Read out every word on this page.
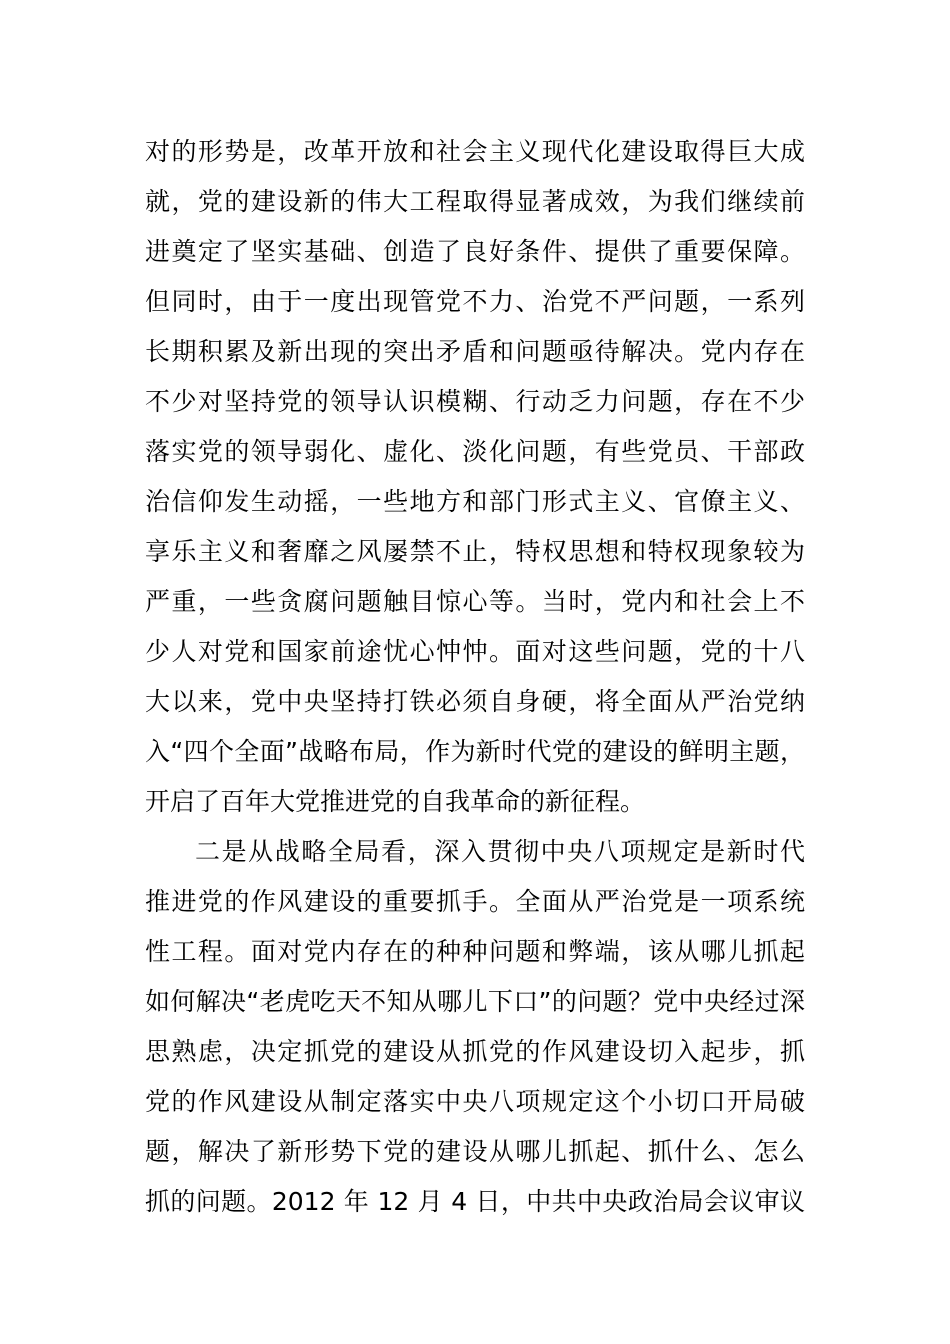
对的形势是，改革开放和社会主义现代化建设取得巨大成
就，党的建设新的伟大工程取得显著成效，为我们继续前
进奠定了坚实基础、创造了良好条件、提供了重要保障。
但同时，由于一度出现管党不力、治党不严问题，一系列
长期积累及新出现的突出矛盾和问题亟待解决。党内存在
不少对坚持党的领导认识模糊、行动乏力问题，存在不少
落实党的领导弱化、虚化、淡化问题，有些党员、干部政
治信仰发生动摇，一些地方和部门形式主义、官僚主义、
享乐主义和奢靡之风屡禁不止，特权思想和特权现象较为
严重，一些贪腐问题触目惊心等。当时，党内和社会上不
少人对党和国家前途忧心忡忡。面对这些问题，党的十八
大以来，党中央坚持打铁必须自身硬，将全面从严治党纳
入“四个全面”战略布局，作为新时代党的建设的鲜明主题，
开启了百年大党推进党的自我革命的新征程。
二是从战略全局看，深入贯彻中央八项规定是新时代
推进党的作风建设的重要抓手。全面从严治党是一项系统
性工程。面对党内存在的种种问题和弊端，该从哪儿抓起
如何解决“老虎吃天不知从哪儿下口”的问题？党中央经过深
思熟虑，决定抓党的建设从抓党的作风建设切入起步，抓
党的作风建设从制定落实中央八项规定这个小切口开局破
题，解决了新形势下党的建设从哪儿抓起、抓什么、怎么
抓的问题。2012 年 12 月 4 日，中共中央政治局会议审议
